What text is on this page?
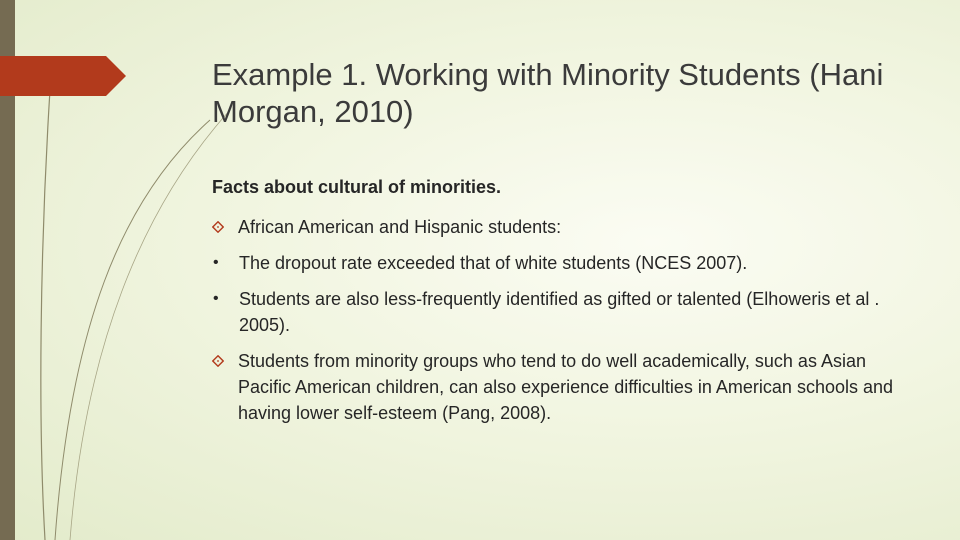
Example 1. Working with Minority Students (Hani Morgan, 2010)
Facts about cultural of minorities.
African American and Hispanic students:
•	The dropout rate exceeded that of white students (NCES 2007).
•	Students are also less-frequently identified as gifted or talented (Elhoweris et al . 2005).
Students from minority groups who tend to do well academically, such as Asian Pacific American children, can also experience difficulties in American schools and having lower self-esteem (Pang, 2008).
